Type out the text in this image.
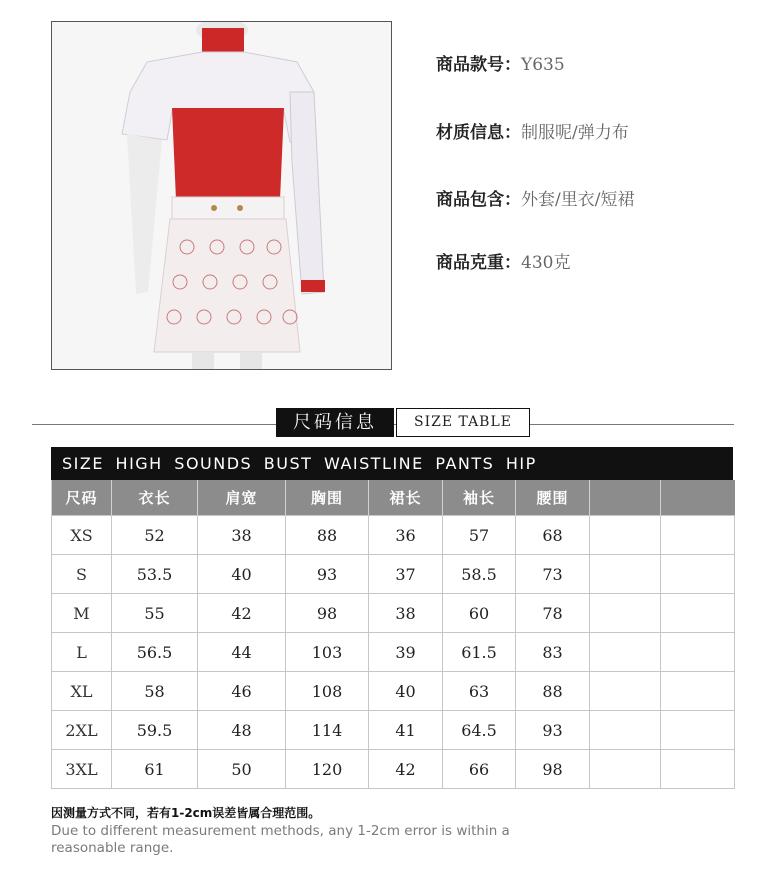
商品款号：Y635
材质信息：制服呢/弹力布
商品包含：外套/里衣/短裙
商品克重：430克
尺码信息	SIZE TABLE
SIZE HIGH SOUNDS BUST WAISTLINE PANTS HIP
尺码	衣长	肩宽	胸围	裙长	袖长	腰围		
XS	52	38	88	36	57	68		
S	53.5	40	93	37	58.5	73		
M	55	42	98	38	60	78		
L	56.5	44	103	39	61.5	83		
XL	58	46	108	40	63	88		
2XL	59.5	48	114	41	64.5	93		
3XL	61	50	120	42	66	98		
因测量方式不同，若有1-2cm误差皆属合理范围。
Due to different measurement methods, any 1-2cm error is within a reasonable range.
